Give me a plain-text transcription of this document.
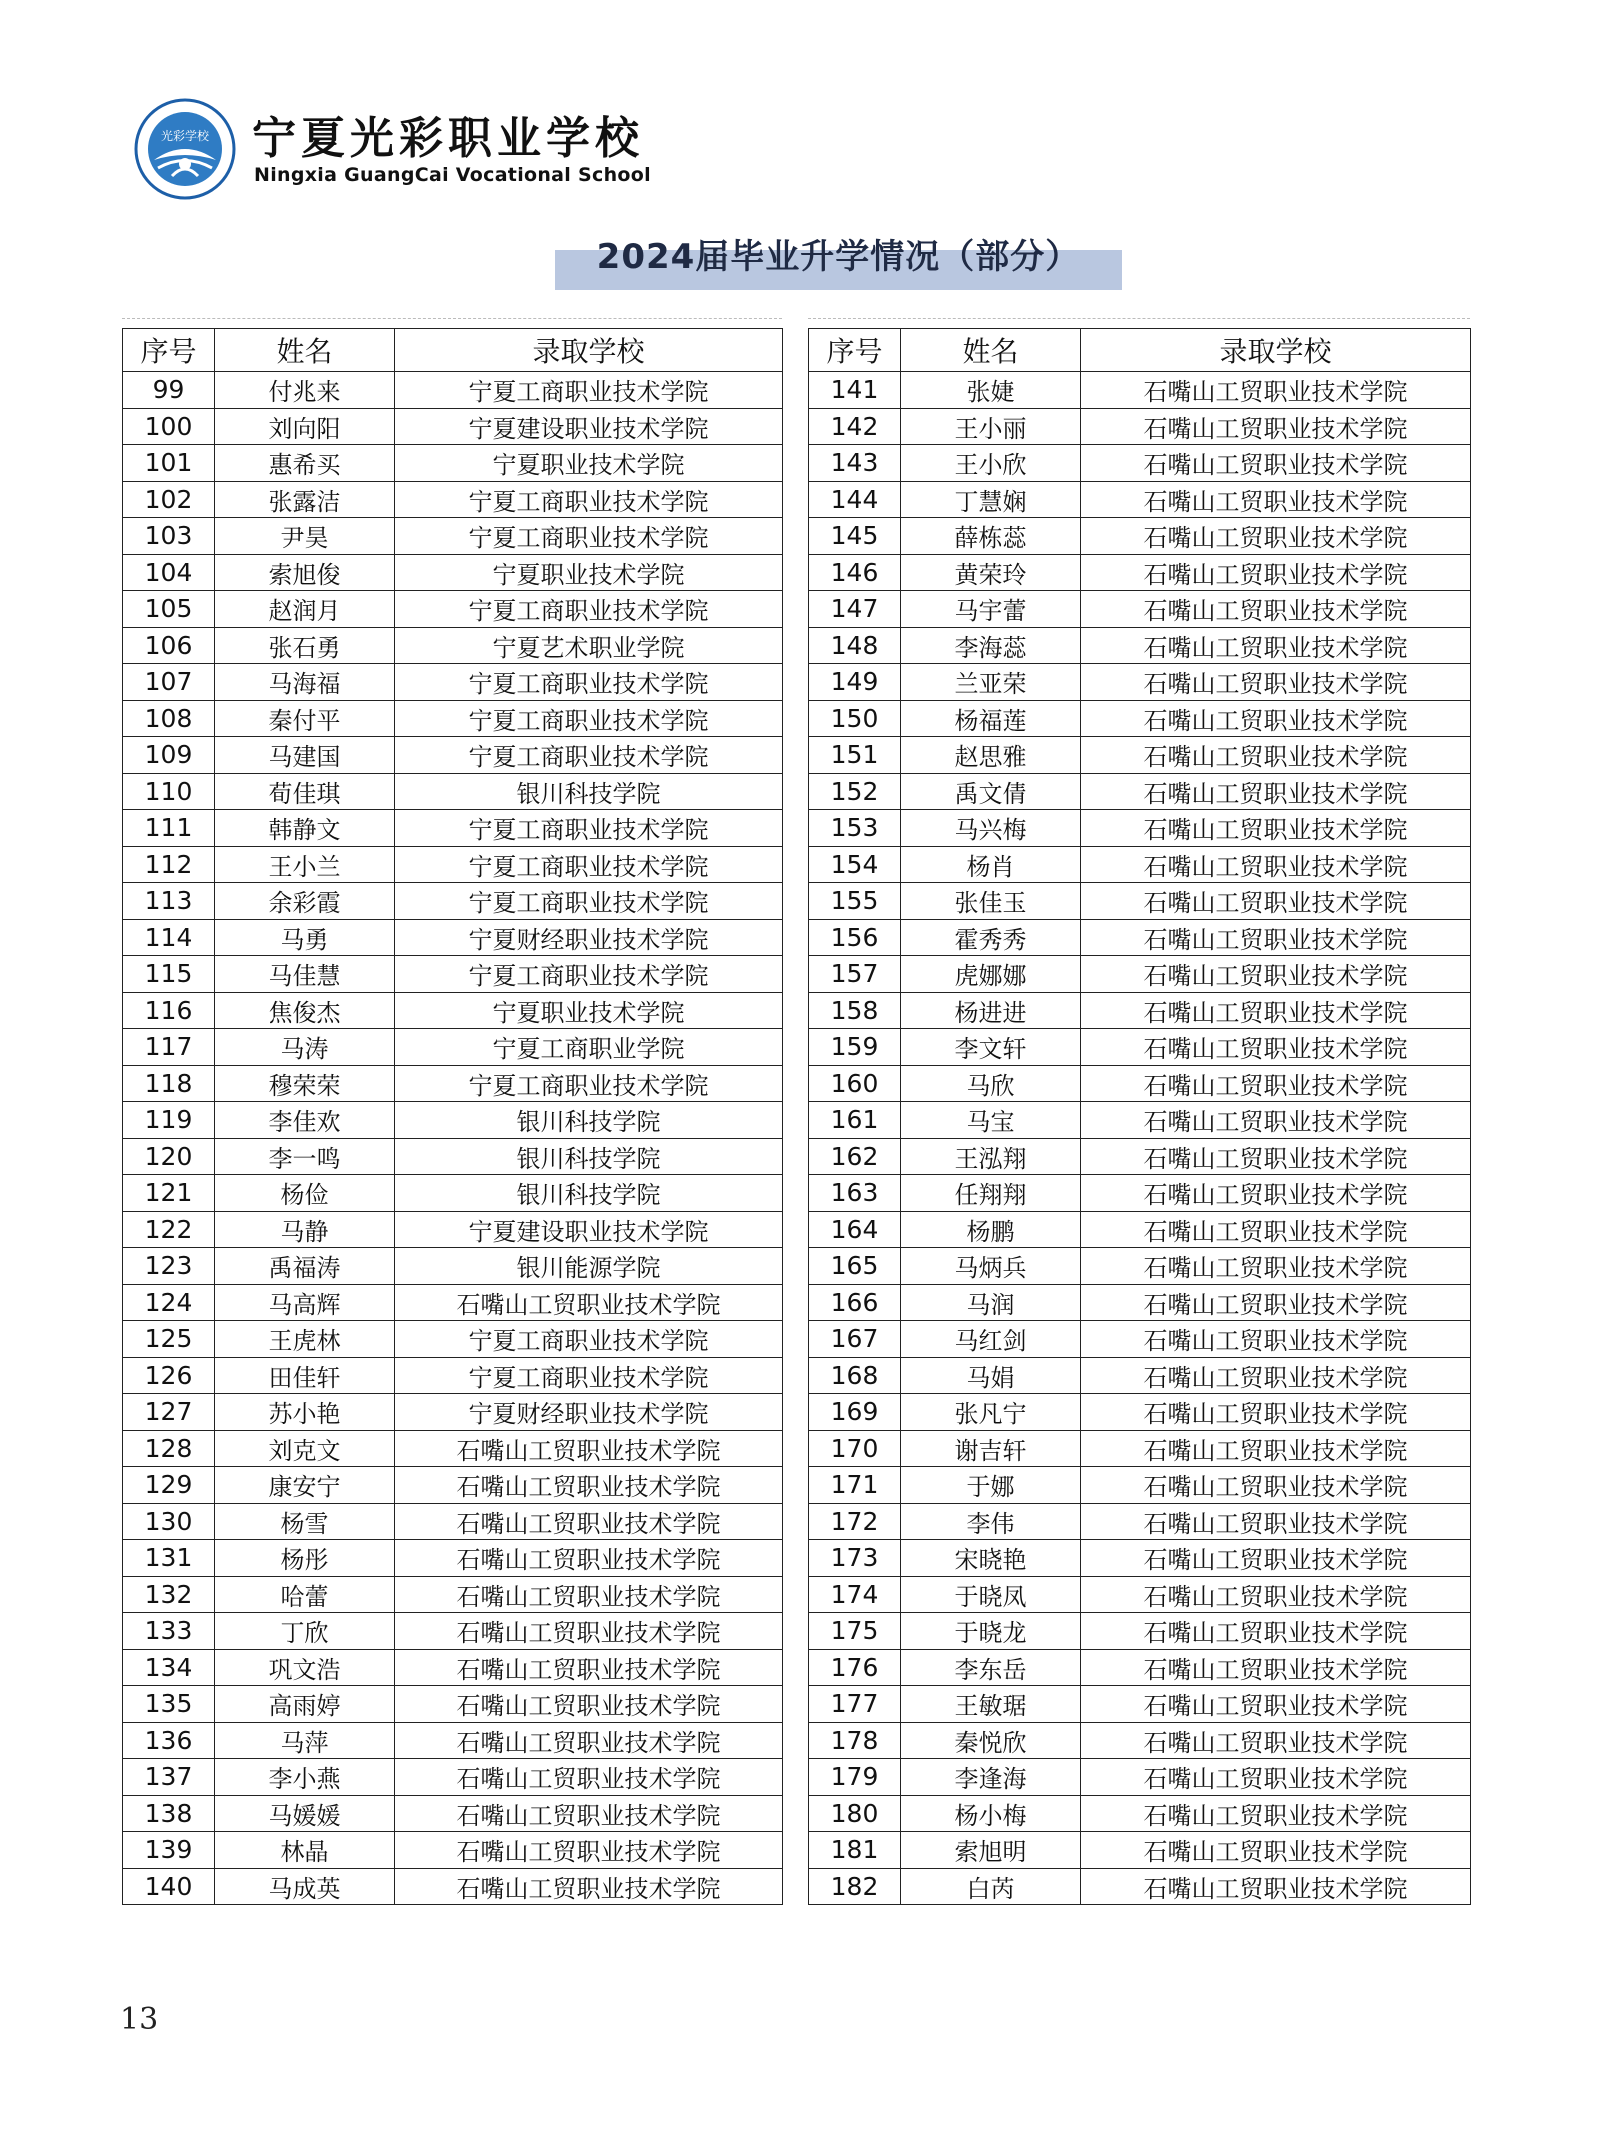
光彩学校 宁夏光彩职业学校
Ningxia GuangCai Vocational School
2024届毕业升学情况（部分）
序号	姓名	录取学校
99	付兆来	宁夏工商职业技术学院
100	刘向阳	宁夏建设职业技术学院
101	惠希买	宁夏职业技术学院
102	张露洁	宁夏工商职业技术学院
103	尹昊	宁夏工商职业技术学院
104	索旭俊	宁夏职业技术学院
105	赵润月	宁夏工商职业技术学院
106	张石勇	宁夏艺术职业学院
107	马海福	宁夏工商职业技术学院
108	秦付平	宁夏工商职业技术学院
109	马建国	宁夏工商职业技术学院
110	荀佳琪	银川科技学院
111	韩静文	宁夏工商职业技术学院
112	王小兰	宁夏工商职业技术学院
113	余彩霞	宁夏工商职业技术学院
114	马勇	宁夏财经职业技术学院
115	马佳慧	宁夏工商职业技术学院
116	焦俊杰	宁夏职业技术学院
117	马涛	宁夏工商职业学院
118	穆荣荣	宁夏工商职业技术学院
119	李佳欢	银川科技学院
120	李一鸣	银川科技学院
121	杨俭	银川科技学院
122	马静	宁夏建设职业技术学院
123	禹福涛	银川能源学院
124	马高辉	石嘴山工贸职业技术学院
125	王虎林	宁夏工商职业技术学院
126	田佳轩	宁夏工商职业技术学院
127	苏小艳	宁夏财经职业技术学院
128	刘克文	石嘴山工贸职业技术学院
129	康安宁	石嘴山工贸职业技术学院
130	杨雪	石嘴山工贸职业技术学院
131	杨彤	石嘴山工贸职业技术学院
132	哈蕾	石嘴山工贸职业技术学院
133	丁欣	石嘴山工贸职业技术学院
134	巩文浩	石嘴山工贸职业技术学院
135	高雨婷	石嘴山工贸职业技术学院
136	马萍	石嘴山工贸职业技术学院
137	李小燕	石嘴山工贸职业技术学院
138	马媛媛	石嘴山工贸职业技术学院
139	林晶	石嘴山工贸职业技术学院
140	马成英	石嘴山工贸职业技术学院
序号	姓名	录取学校
141	张婕	石嘴山工贸职业技术学院
142	王小丽	石嘴山工贸职业技术学院
143	王小欣	石嘴山工贸职业技术学院
144	丁慧娴	石嘴山工贸职业技术学院
145	薛栋蕊	石嘴山工贸职业技术学院
146	黄荣玲	石嘴山工贸职业技术学院
147	马宇蕾	石嘴山工贸职业技术学院
148	李海蕊	石嘴山工贸职业技术学院
149	兰亚荣	石嘴山工贸职业技术学院
150	杨福莲	石嘴山工贸职业技术学院
151	赵思雅	石嘴山工贸职业技术学院
152	禹文倩	石嘴山工贸职业技术学院
153	马兴梅	石嘴山工贸职业技术学院
154	杨肖	石嘴山工贸职业技术学院
155	张佳玉	石嘴山工贸职业技术学院
156	霍秀秀	石嘴山工贸职业技术学院
157	虎娜娜	石嘴山工贸职业技术学院
158	杨进进	石嘴山工贸职业技术学院
159	李文轩	石嘴山工贸职业技术学院
160	马欣	石嘴山工贸职业技术学院
161	马宝	石嘴山工贸职业技术学院
162	王泓翔	石嘴山工贸职业技术学院
163	任翔翔	石嘴山工贸职业技术学院
164	杨鹏	石嘴山工贸职业技术学院
165	马炳兵	石嘴山工贸职业技术学院
166	马润	石嘴山工贸职业技术学院
167	马红剑	石嘴山工贸职业技术学院
168	马娟	石嘴山工贸职业技术学院
169	张凡宁	石嘴山工贸职业技术学院
170	谢吉轩	石嘴山工贸职业技术学院
171	于娜	石嘴山工贸职业技术学院
172	李伟	石嘴山工贸职业技术学院
173	宋晓艳	石嘴山工贸职业技术学院
174	于晓凤	石嘴山工贸职业技术学院
175	于晓龙	石嘴山工贸职业技术学院
176	李东岳	石嘴山工贸职业技术学院
177	王敏琚	石嘴山工贸职业技术学院
178	秦悦欣	石嘴山工贸职业技术学院
179	李逢海	石嘴山工贸职业技术学院
180	杨小梅	石嘴山工贸职业技术学院
181	索旭明	石嘴山工贸职业技术学院
182	白芮	石嘴山工贸职业技术学院
13
